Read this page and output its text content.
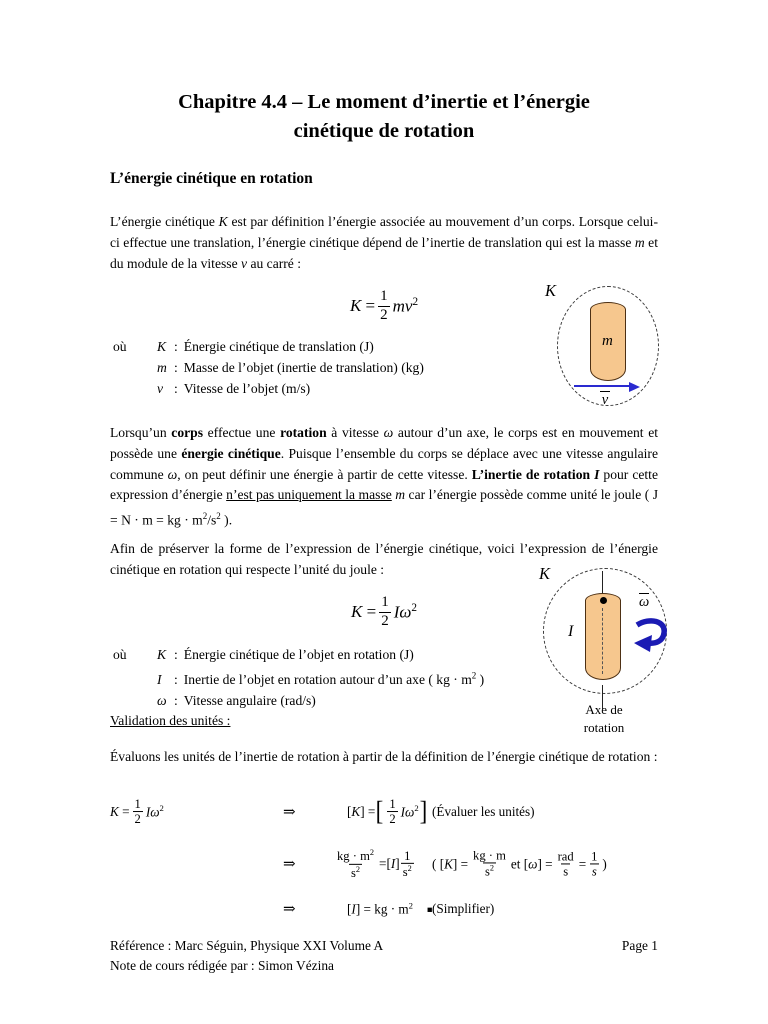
Chapitre 4.4 – Le moment d’inertie et l’énergie
cinétique de rotation
L’énergie cinétique en rotation
L’énergie cinétique K est par définition l’énergie associée au mouvement d’un corps. Lorsque celui-ci effectue une translation, l’énergie cinétique dépend de l’inertie de translation qui est la masse m et du module de la vitesse v au carré :
$K = \frac{1}{2} mv^2$
K
m
v
où K : Énergie cinétique de translation (J)
m : Masse de l’objet (inertie de translation) (kg)
v : Vitesse de l’objet (m/s)
Lorsqu’un corps effectue une rotation à vitesse ω autour d’un axe, le corps est en mouvement et possède une énergie cinétique. Puisque l’ensemble du corps se déplace avec une vitesse angulaire commune ω, on peut définir une énergie à partir de cette vitesse. L’inertie de rotation I pour cette expression d’énergie n’est pas uniquement la masse m car l’énergie possède comme unité le joule ( J = N · m = kg · $m^2/s^2$ ).
Afin de préserver la forme de l’expression de l’énergie cinétique, voici l’expression de l’énergie cinétique en rotation qui respecte l’unité du joule :
$K = \frac{1}{2} I\omega^2$
K
I
ω
Axe de
rotation
où K : Énergie cinétique de l’objet en rotation (J)
I : Inertie de l’objet en rotation autour d’un axe ( kg · $m^2$ )
ω : Vitesse angulaire (rad/s)
Validation des unités :
Évaluons les unités de l’inertie de rotation à partir de la définition de l’énergie cinétique de rotation :
$K = \frac{1}{2} I\omega^2$	⇒	[K] = [ $\frac{1}{2} I\omega^2$ ] (Évaluer les unités)
⇒	$\frac{kg \cdot m^2}{s^2} = [I] \frac{1}{s^2}$ ( $[K] = \frac{kg \cdot m}{s^2}$ et $[\omega] = \frac{\text{rad}}{s} = \frac{1}{s}$ )
⇒	[I] = kg · $m^2$ ■ (Simplifier)
Référence : Marc Séguin, Physique XXI Volume A
Note de cours rédigée par : Simon Vézina
Page 1
